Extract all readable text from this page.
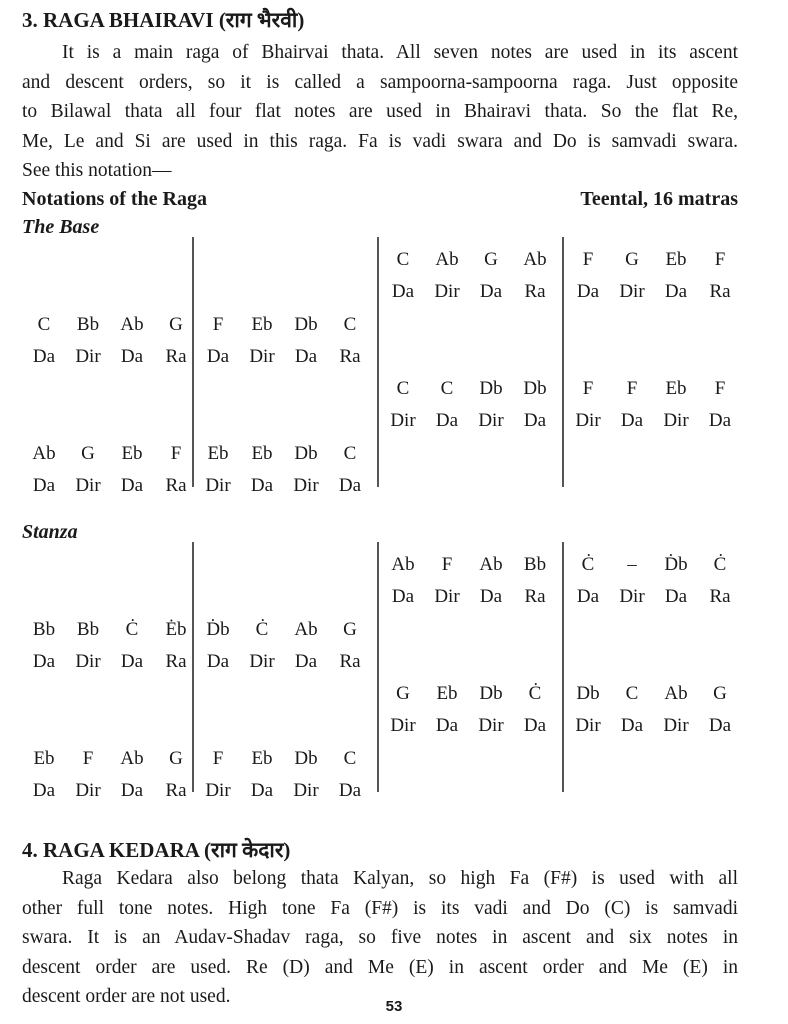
3. RAGA BHAIRAVI (राग भैरवी)
It is a main raga of Bhairvai thata. All seven notes are used in its ascent
and descent orders, so it is called a sampoorna-sampoorna raga. Just opposite
to Bilawal thata all four flat notes are used in Bhairavi thata. So the flat Re,
Me, Le and Si are used in this raga. Fa is vadi swara and Do is samvadi swara.
See this notation—
Notations of the Raga	Teental, 16 matras
The Base
C
Da
Ab
Dir
G
Da
Ab
Ra
F
Da
G
Dir
Eb
Da
F
Ra
C
Da
Bb
Dir
Ab
Da
G
Ra
F
Da
Eb
Dir
Db
Da
C
Ra
C
Dir
C
Da
Db
Dir
Db
Da
F
Dir
F
Da
Eb
Dir
F
Da
Ab
Da
G
Dir
Eb
Da
F
Ra
Eb
Dir
Eb
Da
Db
Dir
C
Da
Stanza
Ab
Da
F
Dir
Ab
Da
Bb
Ra
Ċ
Da
–
Dir
Ḋb
Da
Ċ
Ra
Bb
Da
Bb
Dir
Ċ
Da
Ėb
Ra
Ḋb
Da
Ċ
Dir
Ab
Da
G
Ra
G
Dir
Eb
Da
Db
Dir
Ċ
Da
Db
Dir
C
Da
Ab
Dir
G
Da
Eb
Da
F
Dir
Ab
Da
G
Ra
F
Dir
Eb
Da
Db
Dir
C
Da
4. RAGA KEDARA (राग केदार)
Raga Kedara also belong thata Kalyan, so high Fa (F#) is used with all
other full tone notes. High tone Fa (F#) is its vadi and Do (C) is samvadi
swara. It is an Audav-Shadav raga, so five notes in ascent and six notes in
descent order are used. Re (D) and Me (E) in ascent order and Me (E) in
descent order are not used.	53
